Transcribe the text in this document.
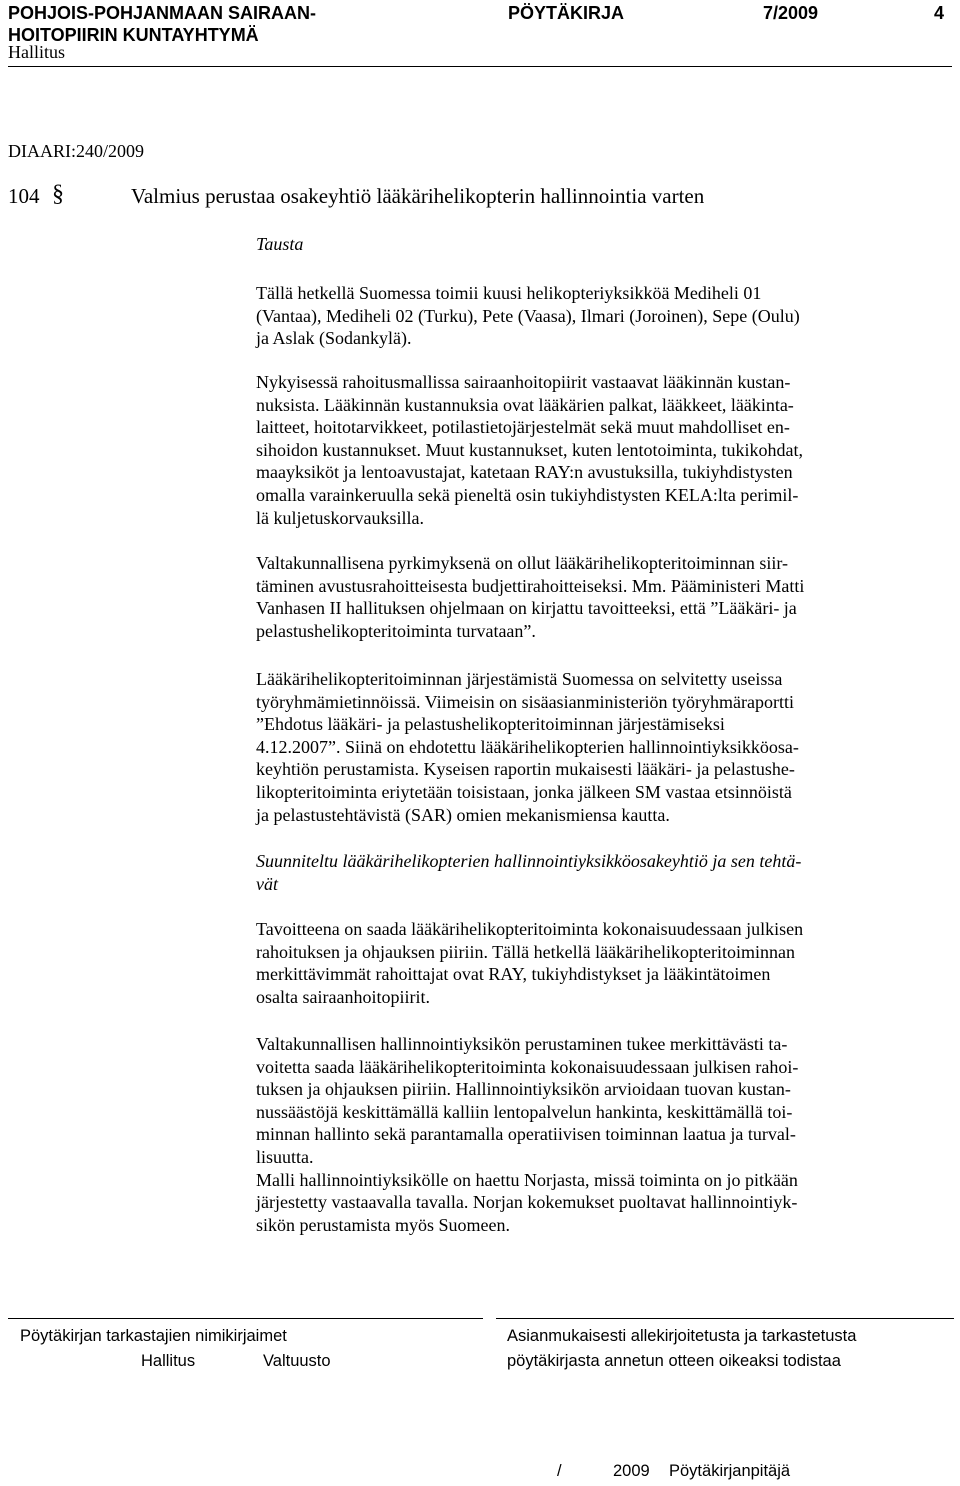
POHJOIS-POHJANMAAN SAIRAAN-
HOITOPIIRIN KUNTAYHTYMÄ
PÖYTÄKIRJA	7/2009	4
Hallitus
DIAARI:240/2009
104 §	Valmius perustaa osakeyhtiö lääkärihelikopterin hallinnointia varten
Tausta
Tällä hetkellä Suomessa toimii kuusi helikopteriyksikköä Mediheli 01
(Vantaa), Mediheli 02 (Turku), Pete (Vaasa), Ilmari (Joroinen), Sepe (Oulu)
ja Aslak (Sodankylä).
Nykyisessä rahoitusmallissa sairaanhoitopiirit vastaavat lääkinnän kustan-
nuksista. Lääkinnän kustannuksia ovat lääkärien palkat, lääkkeet, lääkinta-
laitteet, hoitotarvikkeet, potilastietojärjestelmät sekä muut mahdolliset en-
sihoidon kustannukset. Muut kustannukset, kuten lentotoiminta, tukikohdat,
maayksiköt ja lentoavustajat, katetaan RAY:n avustuksilla, tukiyhdistysten
omalla varainkeruulla sekä pieneltä osin tukiyhdistysten KELA:lta perimil-
lä kuljetuskorvauksilla.
Valtakunnallisena pyrkimyksenä on ollut lääkärihelikopteritoiminnan siir-
täminen avustusrahoitteisesta budjettirahoitteiseksi. Mm. Pääministeri Matti
Vanhasen II hallituksen ohjelmaan on kirjattu tavoitteeksi, että ”Lääkäri- ja
pelastushelikopteritoiminta turvataan”.
Lääkärihelikopteritoiminnan järjestämistä Suomessa on selvitetty useissa
työryhmämietinnöissä. Viimeisin on sisäasianministeriön työryhmäraportti
”Ehdotus lääkäri- ja pelastushelikopteritoiminnan järjestämiseksi
4.12.2007”. Siinä on ehdotettu lääkärihelikopterien hallinnointiyksikköosa-
keyhtiön perustamista. Kyseisen raportin mukaisesti lääkäri- ja pelastushe-
likopteritoiminta eriytetään toisistaan, jonka jälkeen SM vastaa etsinnöistä
ja pelastustehtävistä (SAR) omien mekanismiensa kautta.
Suunniteltu lääkärihelikopterien hallinnointiyksikköosakeyhtiö ja sen tehtä-
vät
Tavoitteena on saada lääkärihelikopteritoiminta kokonaisuudessaan julkisen
rahoituksen ja ohjauksen piiriin. Tällä hetkellä lääkärihelikopteritoiminnan
merkittävimmät rahoittajat ovat RAY, tukiyhdistykset ja lääkintätoimen
osalta sairaanhoitopiirit.
Valtakunnallisen hallinnointiyksikön perustaminen tukee merkittävästi ta-
voitetta saada lääkärihelikopteritoiminta kokonaisuudessaan julkisen rahoi-
tuksen ja ohjauksen piiriin. Hallinnointiyksikön arvioidaan tuovan kustan-
nussäästöjä keskittämällä kalliin lentopalvelun hankinta, keskittämällä toi-
minnan hallinto sekä parantamalla operatiivisen toiminnan laatua ja turval-
lisuutta.
Malli hallinnointiyksikölle on haettu Norjasta, missä toiminta on jo pitkään
järjestetty vastaavalla tavalla. Norjan kokemukset puoltavat hallinnointiyk-
sikön perustamista myös Suomeen.
Pöytäkirjan tarkastajien nimikirjaimet
Hallitus	Valtuusto
Asianmukaisesti allekirjoitetusta ja tarkastetusta
pöytäkirjasta annetun otteen oikeaksi todistaa
/	2009 Pöytäkirjanpitäjä
